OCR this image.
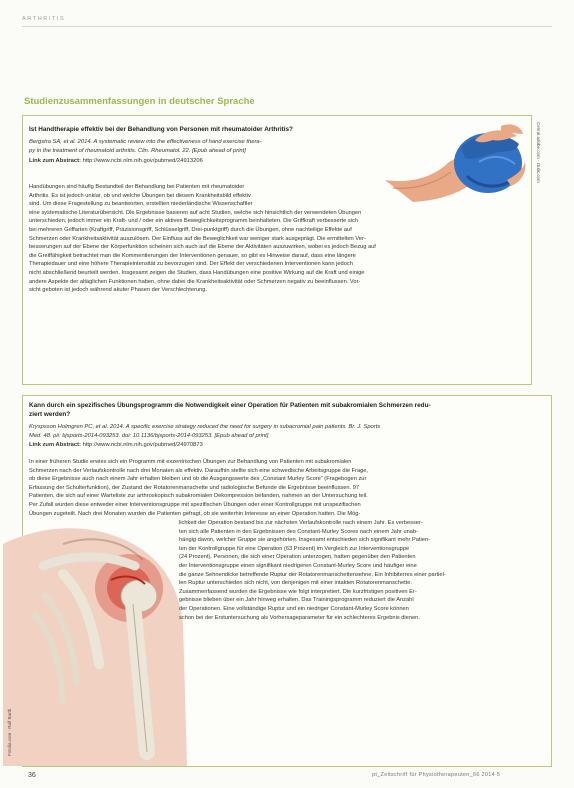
ARTHRITIS
Studienzusammenfassungen in deutscher Sprache
Ist Handtherapie effektiv bei der Behandlung von Personen mit rheumatoider Arthritis?
Bergstra SA, et al. 2014. A systematic review into the effectiveness of hand exercise thera-
py in the treatment of rheumatoid arthritis. Clin. Rheumatol. 22. [Epub ahead of print]
Link zum Abstract: http://www.ncbi.nlm.nih.gov/pubmed/24913206	Cenral.adobe.com - Oulis.com
Handübungen sind häufig Bestandteil der Behandlung bei Patienten mit rheumatoider
Arthritis. Es ist jedoch unklar, ob und welche Übungen bei diesem Krankheitsbild effektiv
sind. Um diese Fragestellung zu beantworten, erstellten niederländische Wissenschaftler
eine systematische Literaturübersicht. Die Ergebnisse basieren auf acht Studien, welche sich hinsichtlich der verwendeten Übungen
unterschieden, jedoch immer ein Kraft- und / oder ein aktives Beweglichkeitsprogramm beinhalteten. Die Griffkraft verbesserte sich
bei mehreren Griffarten (Kraftgriff, Präzisionsgriff, Schlüsselgriff, Drei-punktgriff) durch die Übungen, ohne nachteilige Effekte auf
Schmerzen oder Krankheitsaktivität auszulösen. Der Einfluss auf die Beweglichkeit war weniger stark ausgeprägt. Die ermittelten Ver-
besserungen auf der Ebene der Körperfunktion scheinen sich auch auf die Ebene der Aktivitäten auszuwirken, wobei es jedoch Bezug auf
die Greiffähigkeit betrachtet man die Kommentierungen der Interventionen genauer, so gibt es Hinweise darauf, dass eine längere
Therapiedauer und eine höhere Therapieintensität zu bevorzugen sind. Der Effekt der verschiedenen Interventionen kann jedoch
nicht abschließend beurteilt werden. Insgesamt zeigen die Studien, dass Handübungen eine positive Wirkung auf die Kraft und einige
andere Aspekte der altäglichen Funktionen haben, ohne dabei die Krankheitsaktivität oder Schmerzen negativ zu beeinflussen. Vor-
sicht geboten ist jedoch während akuter Phasen der Verschlechterung.
Kann durch ein spezifisches Übungsprogramm die Notwendigkeit einer Operation für Patienten mit subakromialen Schmerzen redu-
ziert werden?
Kryspsson Holmgren PC, et al. 2014. A specific exercise strategy reduced the need for surgery in subacromial pain patients. Br. J. Sports
Med. 48. pii: bjsports-2014-093253. doi: 10.1136/bjsports-2014-093253. [Epub ahead of print]
Link zum Abstract: http://www.ncbi.nlm.nih.gov/pubmed/24970873
In einer früheren Studie erwies sich ein Programm mit exzentrischen Übungen zur Behandlung von Patienten mit subakromialen
Schmerzen nach der Verlaufskontrolle nach drei Monaten als effektiv. Daraufhin stellte sich eine schwedische Arbeitsgruppe die Frage,
ob diese Ergebnisse auch nach einem Jahr erhalten bleiben und ob die Ausgangswerte des „Constant Murley Score“ (Fragebogen zur
Erfassung der Schulterfunktion), der Zustand der Rotatorenmanschette und radiologische Befunde die Ergebnisse beeinflussen. 97
Patienten, die sich auf einer Warteliste zur arthroskopisch subakromialen Dekompression befanden, nahmen an der Untersuchung teil.
Per Zufall wurden diese entweder einer Interventionsgruppe mit spezifischen Übungen oder einer Kontrollgruppe mit unspezifischen
Übungen zugeteilt. Nach drei Monaten wurden die Patienten gefragt, ob sie weiterhin Interesse an einer Operation hatten. Die Mög-
Fotolia.com · Ralf Barth
lichkeit der Operation bestand bis zur nächsten Verlaufskontrolle nach einem Jahr. Es verbesser-
ten sich alle Patienten in den Ergebnissen des Constant-Murley Scores nach einem Jahr unab-
hängig davon, welcher Gruppe sie angehörten. Insgesamt entschieden sich signifikant mehr Patien-
ten der Kontrollgruppe für eine Operation (63 Prozent) im Vergleich zur Interventionsgruppe
(24 Prozent). Personen, die sich einer Operation unterzogen, hatten gegenüber den Patienten
der Interventionsgruppe einen signifikant niedrigeren Constant-Murley Score und häufiger eine
die ganze Sehnendicke betreffende Ruptur der Rotatorenmanschettensehne. Ein Inhibiterres einer partiel-
len Ruptur unterschieden sich nicht, von denjenigen mit einer intakten Rotatorenmanschette.
Zusammenfassend wurden die Ergebnisse wie folgt interpretiert. Die kurzfristigen positiven Er-
gebnisse blieben über ein Jahr hinweg erhalten. Das Trainingsprogramm reduziert die Anzahl
der Operationen. Eine vollständige Ruptur und ein niedriger Constant-Murley Score können
schon bei der Erstuntersuchung als Vorhersageparameter für ein schlechteres Ergebnis dienen.
36	pt_Zeitschrift für Physiotherapeuten_66 2014 5
